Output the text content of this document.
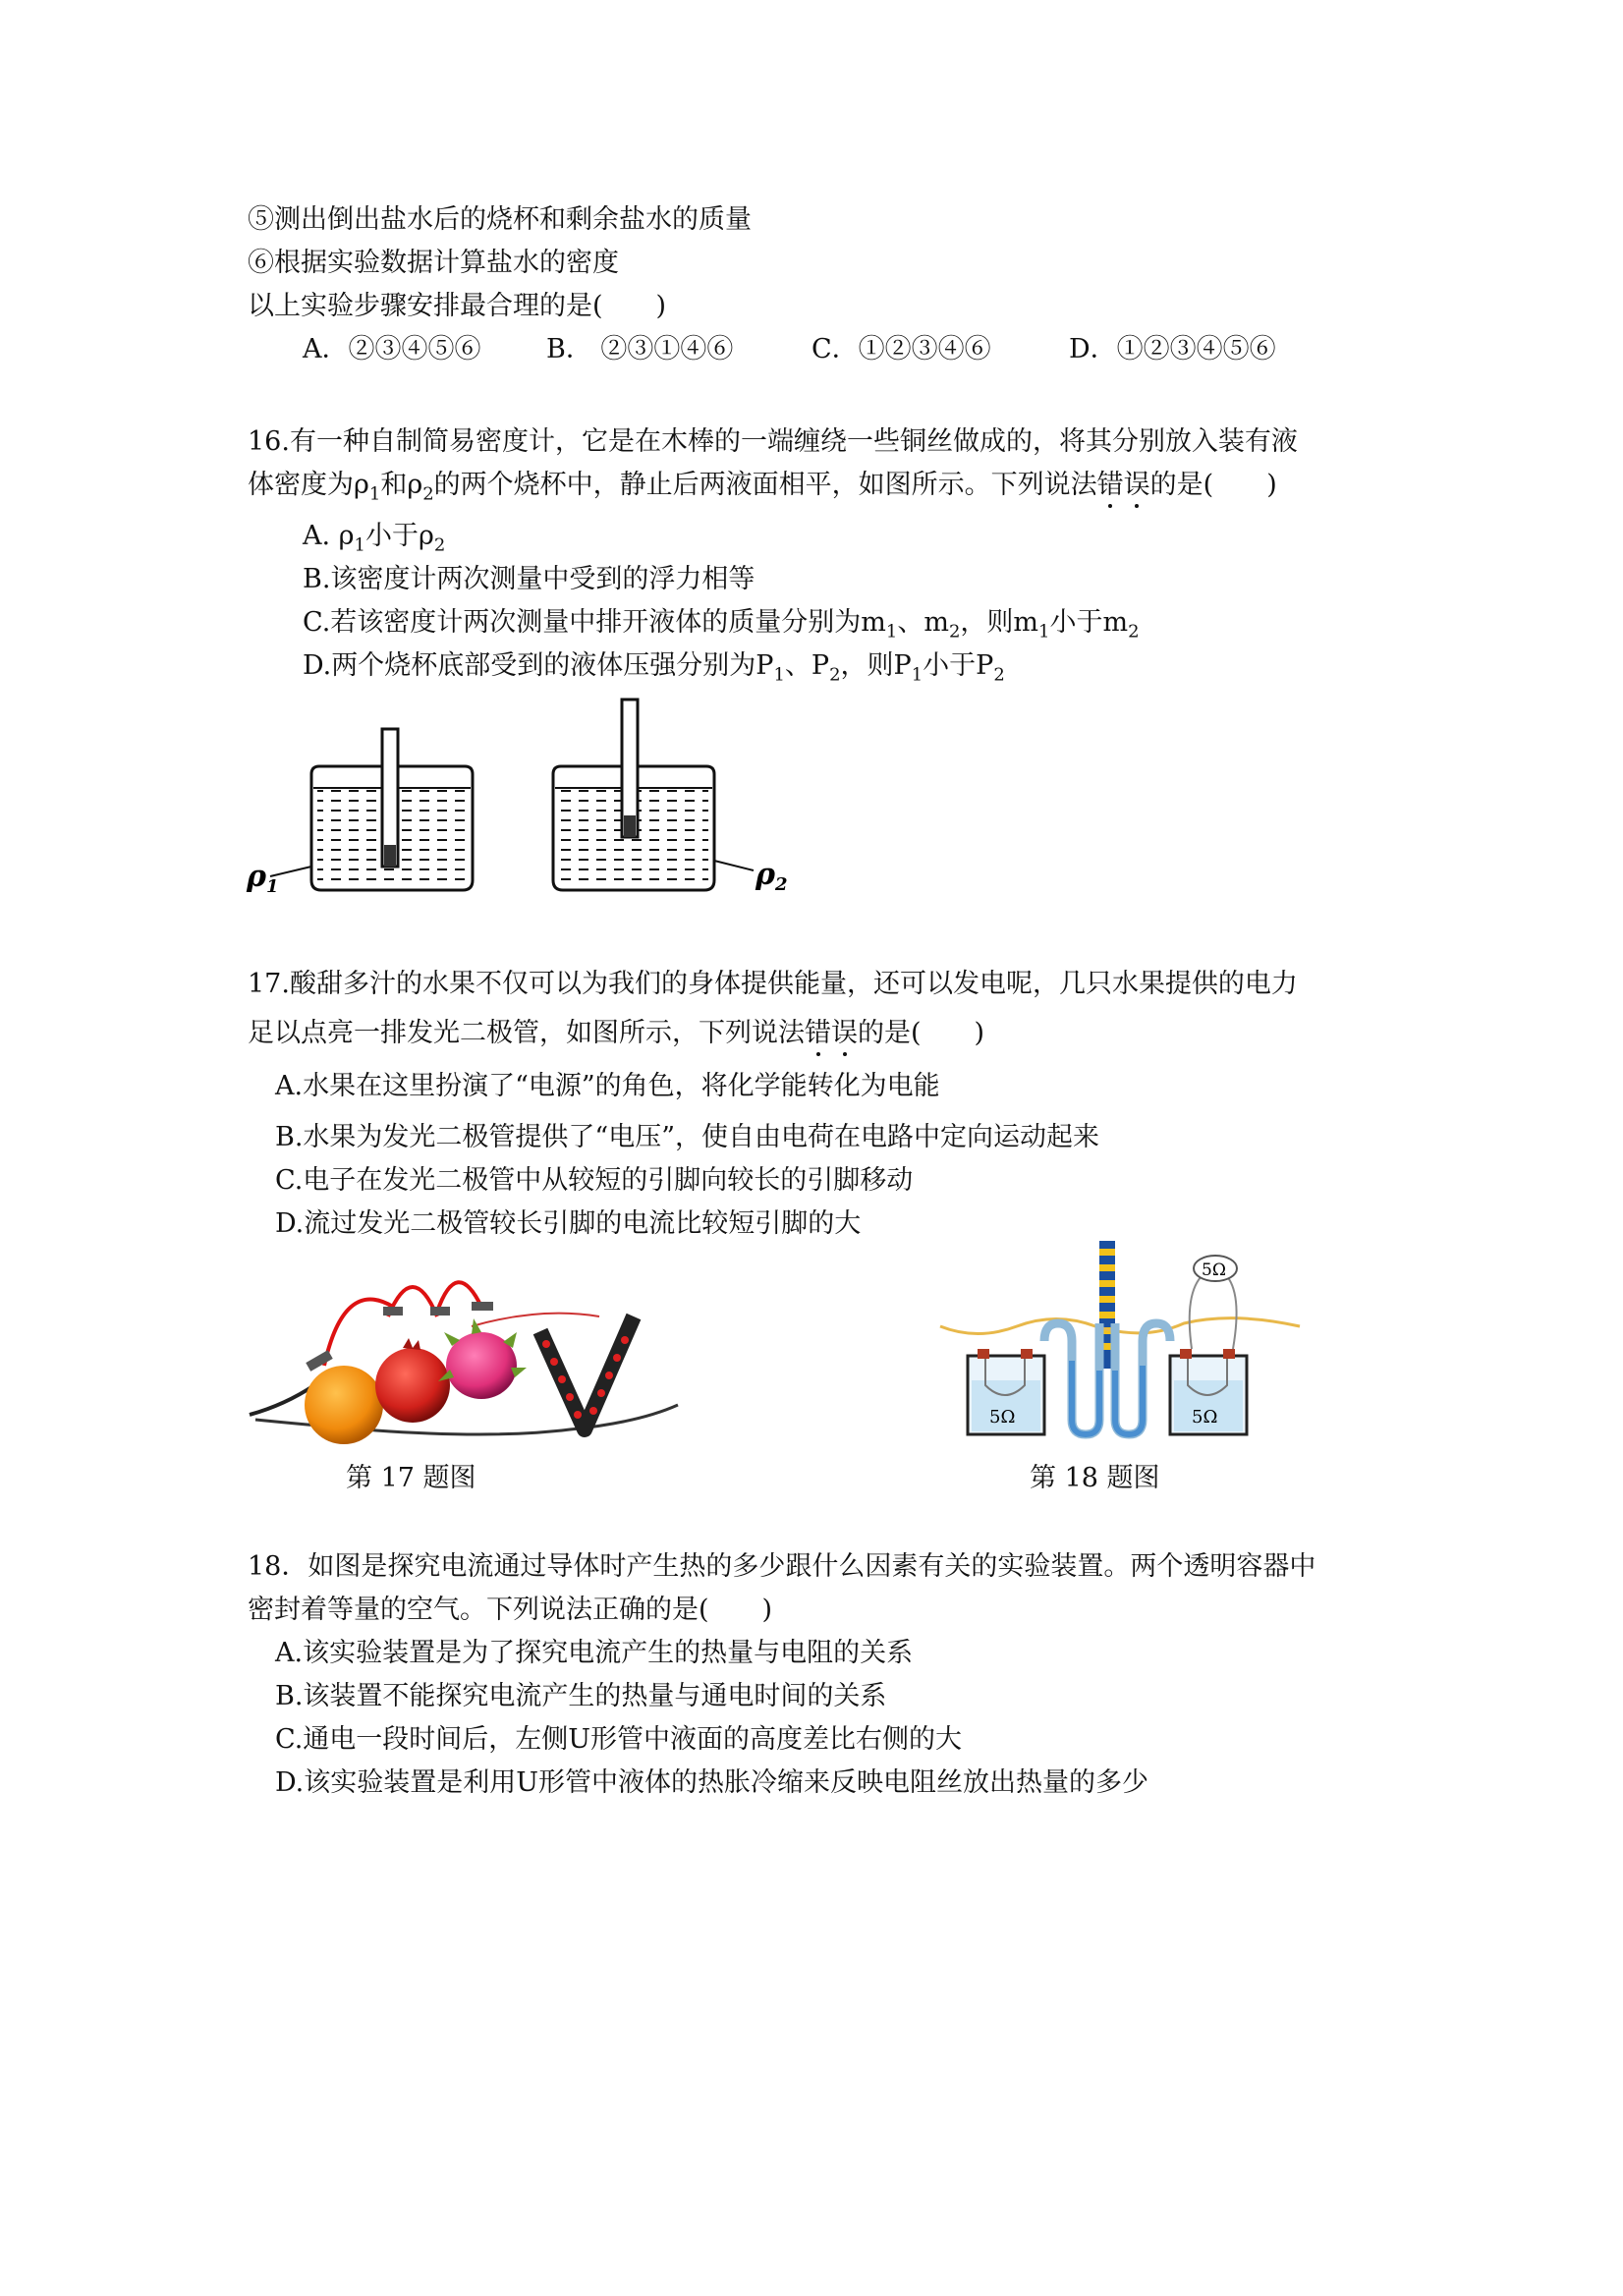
⑤测出倒出盐水后的烧杯和剩余盐水的质量
⑥根据实验数据计算盐水的密度
以上实验步骤安排最合理的是(　　)
A．②③④⑤⑥ B． ②③①④⑥	C．①②③④⑥	D．①②③④⑤⑥
16.有一种自制简易密度计，它是在木棒的一端缠绕一些铜丝做成的，将其分别放入装有液
体密度为$\rho_1$和$\rho_2$的两个烧杯中，静止后两液面相平，如图所示。下列说法错误的是(　　)
A. $\rho_1$小于$\rho_2$
B.该密度计两次测量中受到的浮力相等
C.若该密度计两次测量中排开液体的质量分别为$m_1$、$m_2$，则$m_1$小于$m_2$
D.两个烧杯底部受到的液体压强分别为$P_1$、$P_2$，则$P_1$小于$P_2$
$\rho_1$	$\rho_2$
17.酸甜多汁的水果不仅可以为我们的身体提供能量，还可以发电呢，几只水果提供的电力
足以点亮一排发光二极管，如图所示，下列说法错误的是(　　)
A.水果在这里扮演了“电源”的角色，将化学能转化为电能
B.水果为发光二极管提供了“电压”，使自由电荷在电路中定向运动起来
C.电子在发光二极管中从较短的引脚向较长的引脚移动
D.流过发光二极管较长引脚的电流比较短引脚的大
第 17 题图
5Ω	5Ω
5Ω
第 18 题图
18．如图是探究电流通过导体时产生热的多少跟什么因素有关的实验装置。两个透明容器中
密封着等量的空气。下列说法正确的是(　　)
A.该实验装置是为了探究电流产生的热量与电阻的关系
B.该装置不能探究电流产生的热量与通电时间的关系
C.通电一段时间后，左侧U形管中液面的高度差比右侧的大
D.该实验装置是利用U形管中液体的热胀冷缩来反映电阻丝放出热量的多少
